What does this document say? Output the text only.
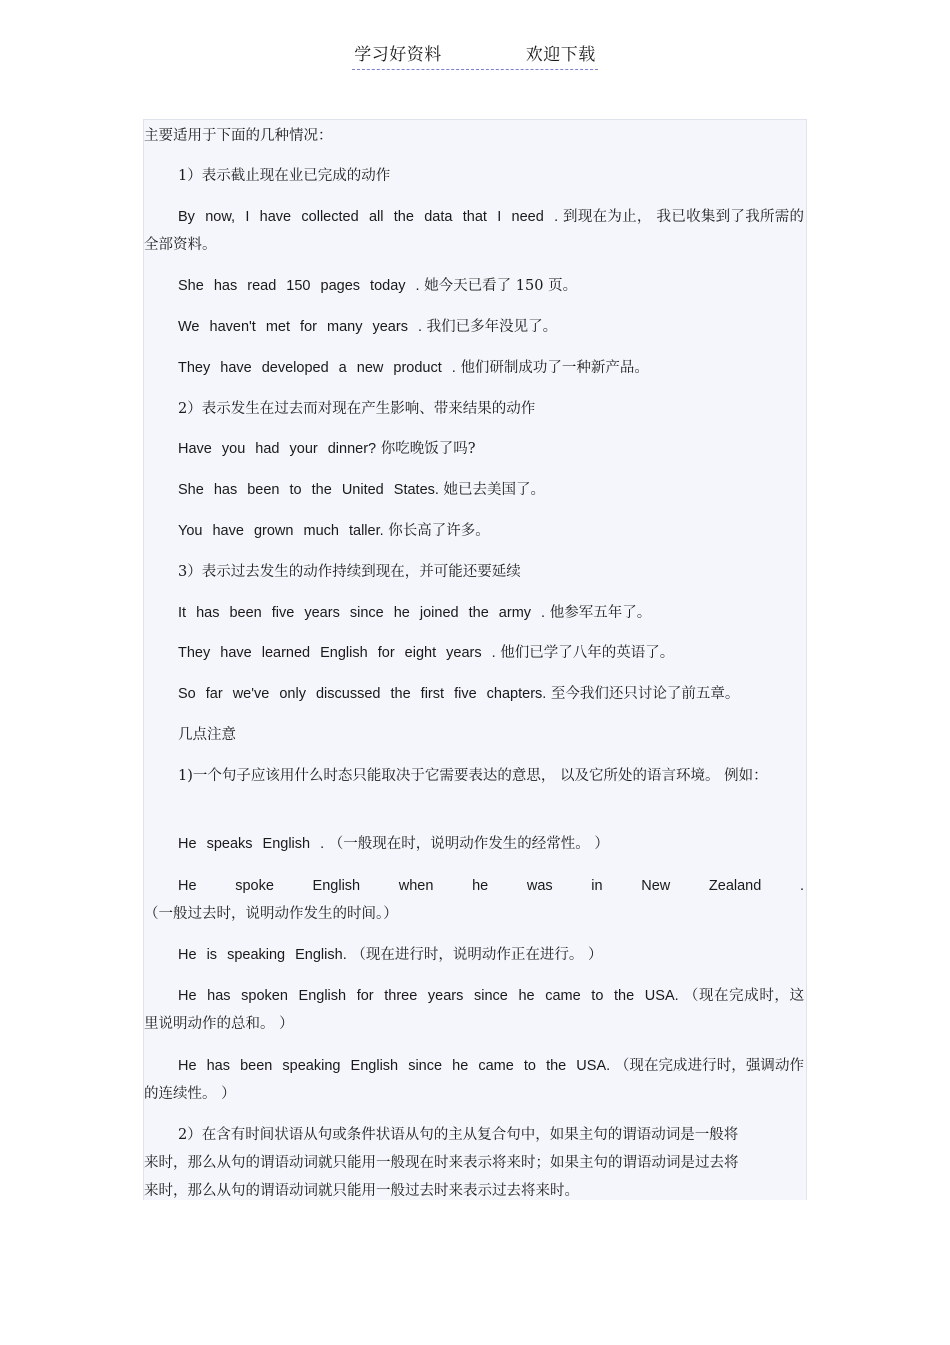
学习好资料	欢迎下载

主要适用于下面的几种情况：

1）表示截止现在业已完成的动作

By now, I have collected all the data that I need . 到现在为止， 我已收集到了我所需的全部资料。

She has read 150 pages today . 她今天已看了 150 页。

We haven't met for many years . 我们已多年没见了。

They have developed a new product . 他们研制成功了一种新产品。

2）表示发生在过去而对现在产生影响、带来结果的动作

Have you had your dinner? 你吃晚饭了吗?

She has been to the United States. 她已去美国了。

You have grown much taller. 你长高了许多。

3）表示过去发生的动作持续到现在，并可能还要延续

It has been five years since he joined the army . 他参军五年了。

They have learned English for eight years . 他们已学了八年的英语了。

So far we've only discussed the first five chapters. 至今我们还只讨论了前五章。

几点注意

1)一个句子应该用什么时态只能取决于它需要表达的意思， 以及它所处的语言环境。 例如：

He speaks English . （一般现在时，说明动作发生的经常性。 ）

He spoke English when he was in New Zealand . （一般过去时，说明动作发生的时间。）

He is speaking English. （现在进行时，说明动作正在进行。 ）

He has spoken English for three years since he came to the USA. （现在完成时，这里说明动作的总和。 ）

He has been speaking English since he came to the USA. （现在完成进行时，强调动作的连续性。 ）

2）在含有时间状语从句或条件状语从句的主从复合句中，如果主句的谓语动词是一般将来时，那么从句的谓语动词就只能用一般现在时来表示将来时；如果主句的谓语动词是过去将来时，那么从句的谓语动词就只能用一般过去时来表示过去将来时。
